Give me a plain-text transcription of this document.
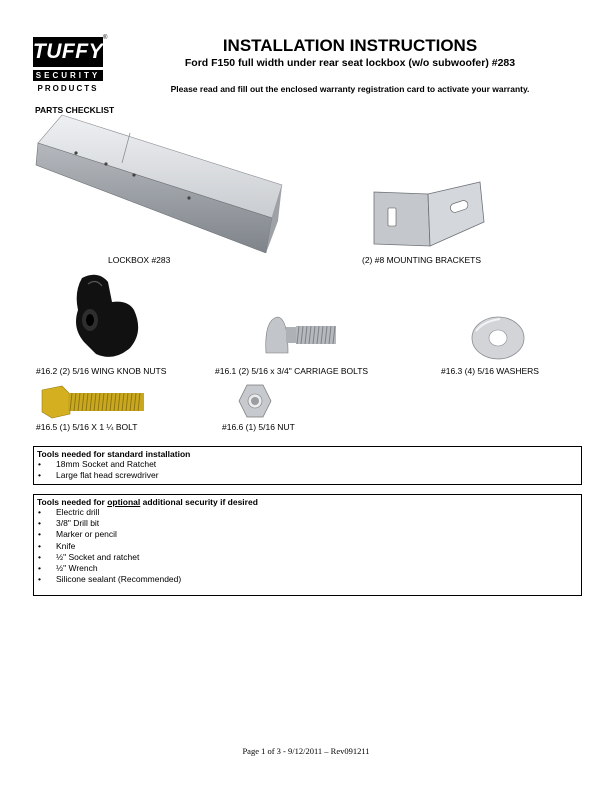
TUFFY
®
SECURITY
PRODUCTS
INSTALLATION INSTRUCTIONS
Ford F150 full width under rear seat lockbox (w/o subwoofer) #283
Please read and fill out the enclosed warranty registration card to activate your warranty.
PARTS CHECKLIST
LOCKBOX #283	(2) #8 MOUNTING BRACKETS
#16.2 (2) 5/16 WING KNOB NUTS	#16.1 (2) 5/16 x 3/4" CARRIAGE BOLTS	#16.3 (4) 5/16 WASHERS
#16.5 (1) 5/16 X 1 ¼ BOLT	#16.6 (1) 5/16 NUT
Tools needed for standard installation
• 18mm Socket and Ratchet
• Large flat head screwdriver
Tools needed for optional additional security if desired
• Electric drill
• 3/8" Drill bit
• Marker or pencil
• Knife
• ½" Socket and ratchet
• ½" Wrench
• Silicone sealant (Recommended)
Page 1 of 3 - 9/12/2011 – Rev091211
